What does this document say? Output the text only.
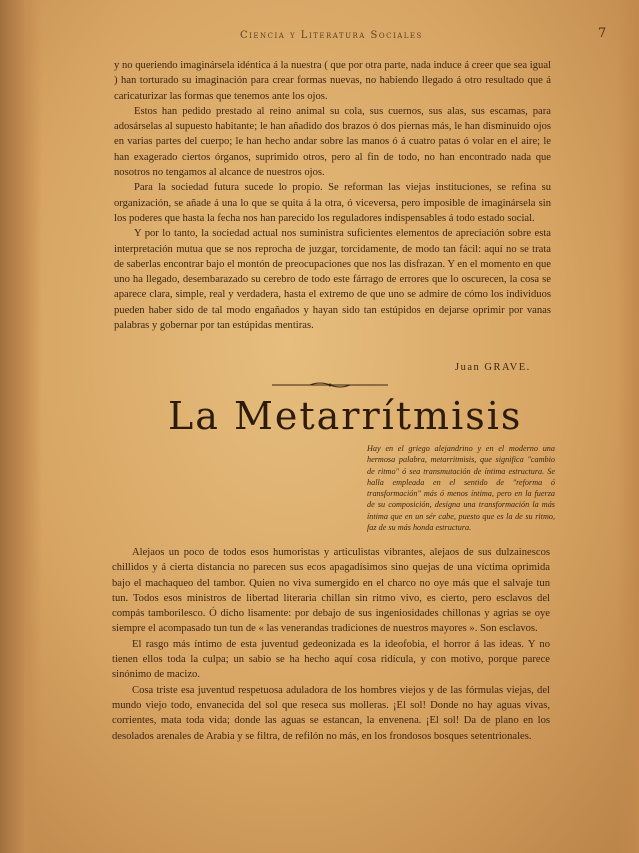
Ciencia y Literatura Sociales	7

y no queriendo imaginársela idéntica á la nuestra ( que por otra parte, nada induce á creer que sea igual ) han torturado su imaginación para crear formas nuevas, no habiendo llegado á otro resultado que á caricaturizar las formas que tenemos ante los ojos.

Estos han pedido prestado al reino animal su cola, sus cuernos, sus alas, sus escamas, para adosárselas al supuesto habitante; le han añadido dos brazos ó dos piernas más, le han disminuido ojos en varias partes del cuerpo; le han hecho andar sobre las manos ó á cuatro patas ó volar en el aire; le han exagerado ciertos órganos, suprimido otros, pero al fin de todo, no han encontrado nada que nosotros no tengamos al alcance de nuestros ojos.

Para la sociedad futura sucede lo propio. Se reforman las viejas instituciones, se refina su organización, se añade á una lo que se quita á la otra, ó viceversa, pero imposible de imaginársela sin los poderes que hasta la fecha nos han parecido los reguladores indispensables á todo estado social.

Y por lo tanto, la sociedad actual nos suministra suficientes elementos de apreciación sobre esta interpretación mutua que se nos reprocha de juzgar, torcidamente, de modo tan fácil: aquí no se trata de saberlas encontrar bajo el montón de preocupaciones que nos las disfrazan. Y en el momento en que uno ha llegado, desembarazado su cerebro de todo este fárrago de errores que lo oscurecen, la cosa se aparece clara, simple, real y verdadera, hasta el extremo de que uno se admire de cómo los individuos pueden haber sido de tal modo engañados y hayan sido tan estúpidos en dejarse oprimir por vanas palabras y gobernar por tan estúpidas mentiras.

Juan GRAVE.
La Metarrítmisis
Hay en el griego alejandrino y en el moderno una hermosa palabra, metarritmisis, que significa "cambio de ritmo" ó sea transmutación de íntima estructura. Se halla empleada en el sentido de "reforma ó transformación" más ó menos íntima, pero en la fuerza de su composición, designa una transformación la más íntima que en un sér cabe, puesto que es la de su ritmo, faz de su más honda estructura.

Alejaos un poco de todos esos humoristas y articulistas vibrantes, alejaos de sus dulzainescos chillidos y á cierta distancia no parecen sus ecos apagadísimos sino quejas de una víctima oprimida bajo el machaqueo del tambor. Quien no viva sumergido en el charco no oye más que el salvaje tun tun. Todos esos ministros de libertad literaria chillan sin ritmo vivo, es cierto, pero esclavos del compás tamborilesco. Ó dicho lisamente: por debajo de sus ingeniosidades chillonas y agrias se oye siempre el acompasado tun tun de « las venerandas tradiciones de nuestros mayores ». Son esclavos.

El rasgo más íntimo de esta juventud gedeonizada es la ideofobia, el horror á las ideas. Y no tienen ellos toda la culpa; un sabio se ha hecho aquí cosa ridícula, y con motivo, porque parece sinónimo de macizo.

Cosa triste esa juventud respetuosa aduladora de los hombres viejos y de las fórmulas viejas, del mundo viejo todo, envanecida del sol que reseca sus molleras. ¡El sol! Donde no hay aguas vivas, corrientes, mata toda vida; donde las aguas se estancan, la envenena. ¡El sol! Da de plano en los desolados arenales de Arabia y se filtra, de refilón no más, en los frondosos bosques setentrionales.
